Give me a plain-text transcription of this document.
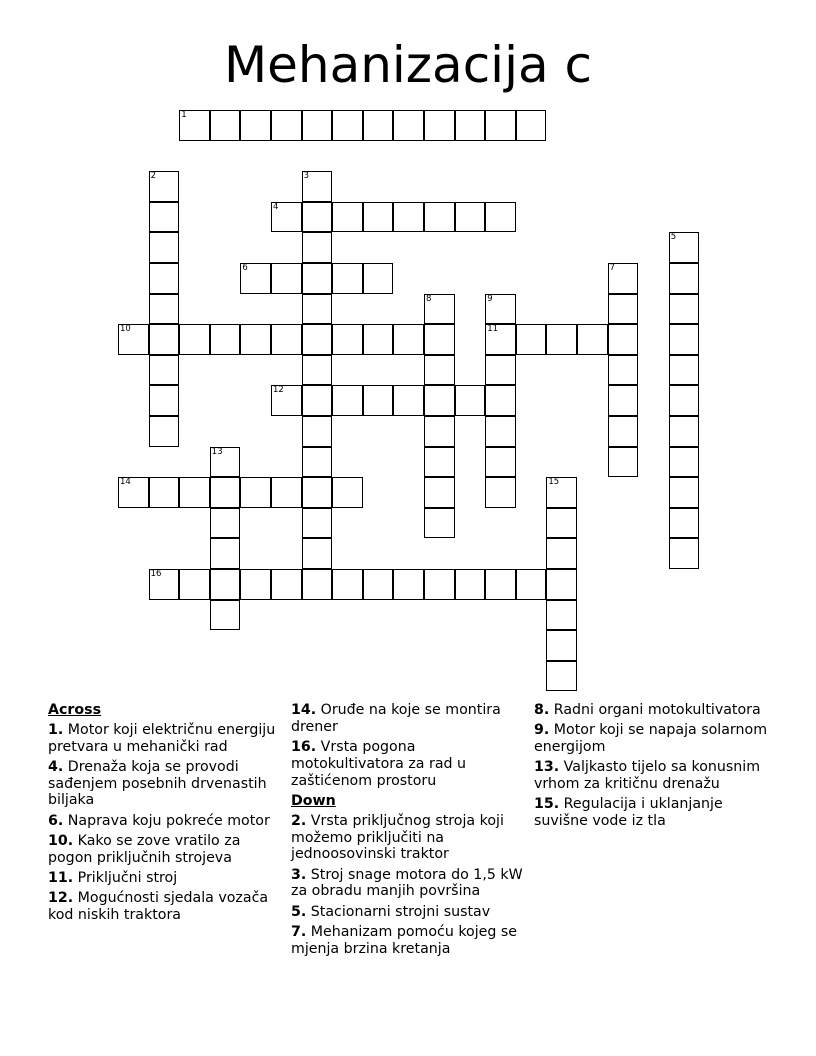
Mehanizacija c
1
2	3
4
5
6	7
8	9
11
10
12
13
14	15
16
Across
1. Motor koji električnu energiju pretvara u mehanički rad
4. Drenaža koja se provodi sađenjem posebnih drvenastih biljaka
6. Naprava koju pokreće motor
10. Kako se zove vratilo za pogon priključnih strojeva
11. Priključni stroj
12. Mogućnosti sjedala vozača kod niskih traktora
14. Oruđe na koje se montira drener
16. Vrsta pogona motokultivatora za rad u zaštićenom prostoru
Down
2. Vrsta priključnog stroja koji možemo priključiti na jednoosovinski traktor
3. Stroj snage motora do 1,5 kW za obradu manjih površina
5. Stacionarni strojni sustav
7. Mehanizam pomoću kojeg se mjenja brzina kretanja
8. Radni organi motokultivatora
9. Motor koji se napaja solarnom energijom
13. Valjkasto tijelo sa konusnim vrhom za kritičnu drenažu
15. Regulacija i uklanjanje suvišne vode iz tla
